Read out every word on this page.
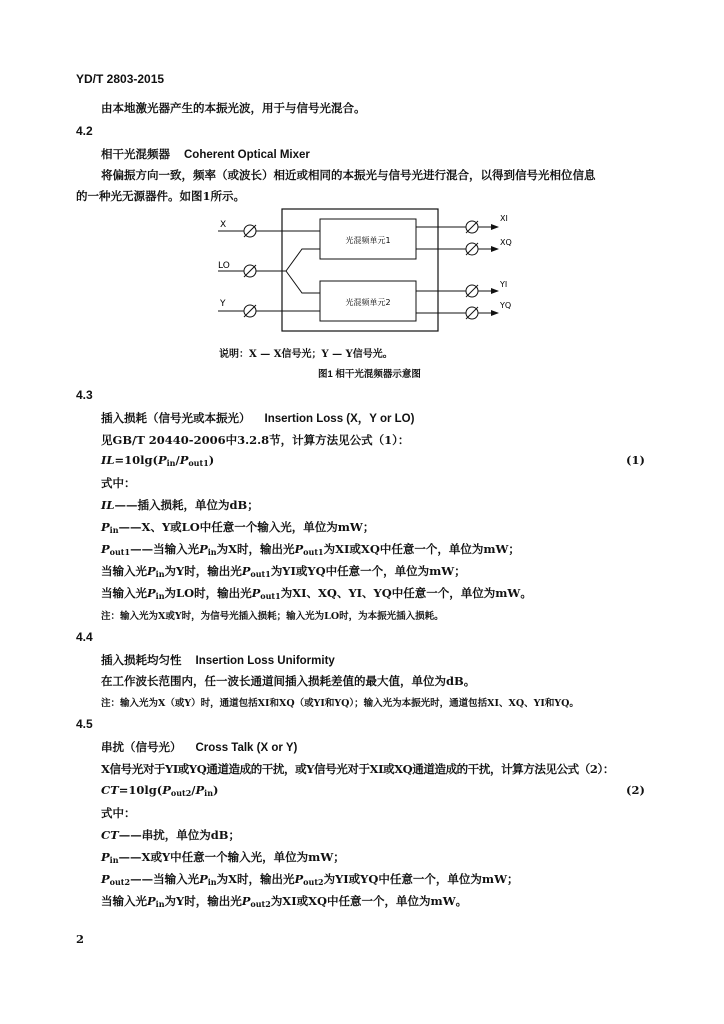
YD/T 2803-2015
由本地激光器产生的本振光波，用于与信号光混合。
4.2
相干光混频器 Coherent Optical Mixer
将偏振方向一致，频率（或波长）相近或相同的本振光与信号光进行混合，以得到信号光相位信息
的一种光无源器件。如图1所示。
光混频单元1
光混频单元2
X
LO
Y
XI
XQ
YI
YQ
说明：X — X信号光；Y — Y信号光。
图1 相干光混频器示意图
4.3
插入损耗（信号光或本振光） Insertion Loss (X，Y or LO)
见GB/T 20440-2006中3.2.8节，计算方法见公式（1）：
$IL=10\lg(P_{in}/P_{out1})$	(1)
式中：
IL——插入损耗，单位为dB；
$P_{in}——X$、Y或LO中任意一个输入光，单位为mW；
$P_{out1}——$当输入光$P_{in}$为X时，输出光$P_{out1}$为XI或XQ中任意一个，单位为mW；
当输入光$P_{in}$为Y时，输出光$P_{out1}$为YI或YQ中任意一个，单位为mW；
当输入光$P_{in}$为LO时，输出光$P_{out1}$为XI、XQ、YI、YQ中任意一个，单位为mW。
注：输入光为X或Y时，为信号光插入损耗；输入光为LO时，为本振光插入损耗。
4.4
插入损耗均匀性 Insertion Loss Uniformity
在工作波长范围内，任一波长通道间插入损耗差值的最大值，单位为dB。
注：输入光为X（或Y）时，通道包括XI和XQ（或YI和YQ）；输入光为本振光时，通道包括XI、XQ、YI和YQ。
4.5
串扰（信号光） Cross Talk (X or Y)
X信号光对于YI或YQ通道造成的干扰，或Y信号光对于XI或XQ通道造成的干扰，计算方法见公式（2）：
$CT=10\lg(P_{out2}/P_{in})$	(2)
式中：
CT——串扰，单位为dB；
$P_{in}——X$或Y中任意一个输入光，单位为mW；
$P_{out2}——$当输入光$P_{in}$为X时，输出光$P_{out2}$为YI或YQ中任意一个，单位为mW；
当输入光$P_{in}$为Y时，输出光$P_{out2}$为XI或XQ中任意一个，单位为mW。
2
